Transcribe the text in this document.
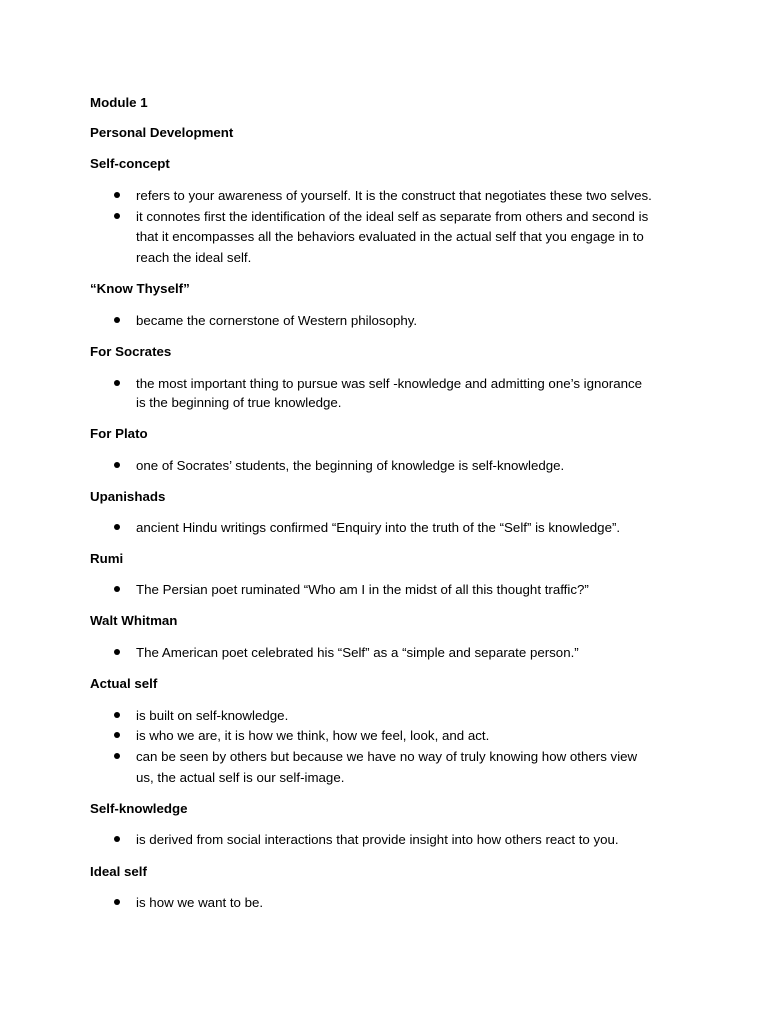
Module 1
Personal Development
Self-concept
refers to your awareness of yourself. It is the construct that negotiates these two selves.
it connotes first the identification of the ideal self as separate from others and second is
that it encompasses all the behaviors evaluated in the actual self that you engage in to
reach the ideal self.
“Know Thyself”
became the cornerstone of Western philosophy.
For Socrates
the most important thing to pursue was self -knowledge and admitting one’s ignorance
is the beginning of true knowledge.
For Plato
one of Socrates’ students, the beginning of knowledge is self-knowledge.
Upanishads
ancient Hindu writings confirmed “Enquiry into the truth of the “Self” is knowledge”.
Rumi
The Persian poet ruminated “Who am I in the midst of all this thought traffic?”
Walt Whitman
The American poet celebrated his “Self” as a “simple and separate person.”
Actual self
is built on self-knowledge.
is who we are, it is how we think, how we feel, look, and act.
can be seen by others but because we have no way of truly knowing how others view
us, the actual self is our self-image.
Self-knowledge
is derived from social interactions that provide insight into how others react to you.
Ideal self
is how we want to be.
